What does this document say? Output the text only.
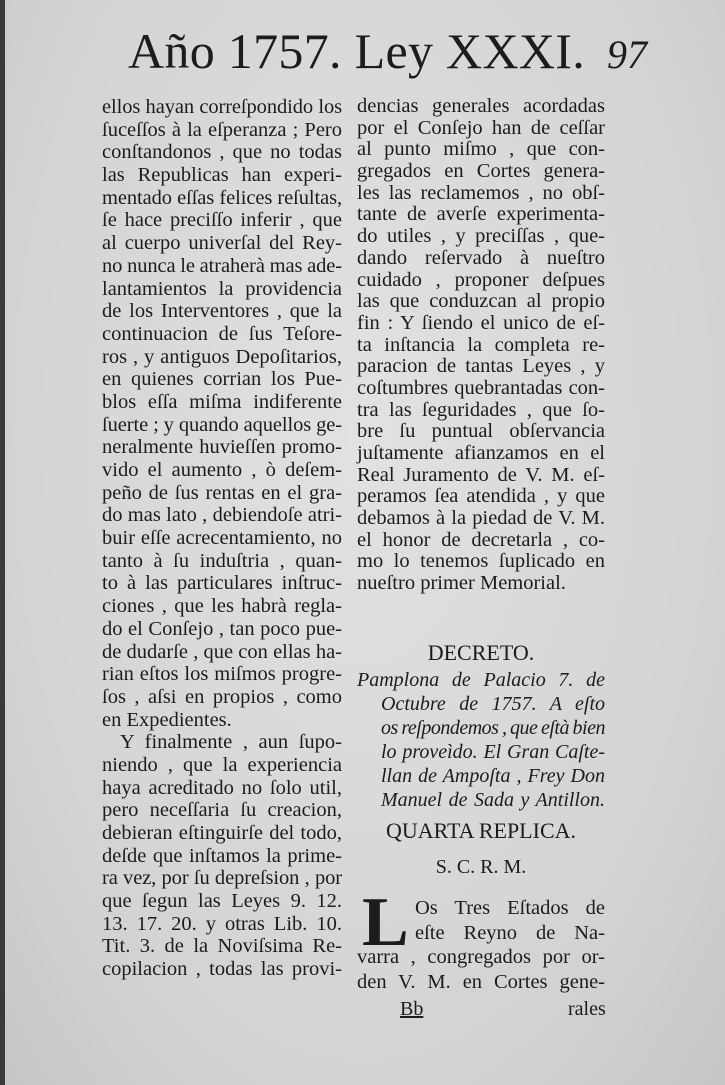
Año 1757. Ley XXXI. 97
ellos hayan correſpondido los
ſuceſſos à la eſperanza ; Pero
conſtandonos , que no todas
las Republicas han experi-
mentado eſſas felices reſultas,
ſe hace preciſſo inferir , que
al cuerpo univerſal del Rey-
no nunca le atraherà mas ade-
lantamientos la providencia
de los Interventores , que la
continuacion de ſus Teſore-
ros , y antiguos Depoſitarios,
en quienes corrian los Pue-
blos eſſa miſma indiferente
ſuerte ; y quando aquellos ge-
neralmente huvieſſen promo-
vido el aumento , ò deſem-
peño de ſus rentas en el gra-
do mas lato , debiendoſe atri-
buir eſſe acrecentamiento, no
tanto à ſu induſtria , quan-
to à las particulares inſtruc-
ciones , que les habrà regla-
do el Conſejo , tan poco pue-
de dudarſe , que con ellas ha-
rian eſtos los miſmos progre-
ſos , aſsi en propios , como
en Expedientes.
Y finalmente , aun ſupo-
niendo , que la experiencia
haya acreditado no ſolo util,
pero neceſſaria ſu creacion,
debieran eſtinguirſe del todo,
deſde que inſtamos la prime-
ra vez, por ſu depreſsion , por
que ſegun las Leyes 9. 12.
13. 17. 20. y otras Lib. 10.
Tit. 3. de la Noviſsima Re-
copilacion , todas las provi-
dencias generales acordadas
por el Conſejo han de ceſſar
al punto miſmo , que con-
gregados en Cortes genera-
les las reclamemos , no obſ-
tante de averſe experimenta-
do utiles , y preciſſas , que-
dando reſervado à nueſtro
cuidado , proponer deſpues
las que conduzcan al propio
fin : Y ſiendo el unico de eſ-
ta inſtancia la completa re-
paracion de tantas Leyes , y
coſtumbres quebrantadas con-
tra las ſeguridades , que ſo-
bre ſu puntual obſervancia
juſtamente afianzamos en el
Real Juramento de V. M. eſ-
peramos ſea atendida , y que
debamos à la piedad de V. M.
el honor de decretarla , co-
mo lo tenemos ſuplicado en
nueſtro primer Memorial.
DECRETO.
Pamplona de Palacio 7. de
Octubre de 1757. A eſto
os reſpondemos , que eſtà bien
lo proveìdo. El Gran Caſte-
llan de Ampoſta , Frey Don
Manuel de Sada y Antillon.
QUARTA REPLICA.
S. C. R. M.
L Os Tres Eſtados de
eſte Reyno de Na-
varra , congregados por or-
den V. M. en Cortes gene-
Bb	rales
